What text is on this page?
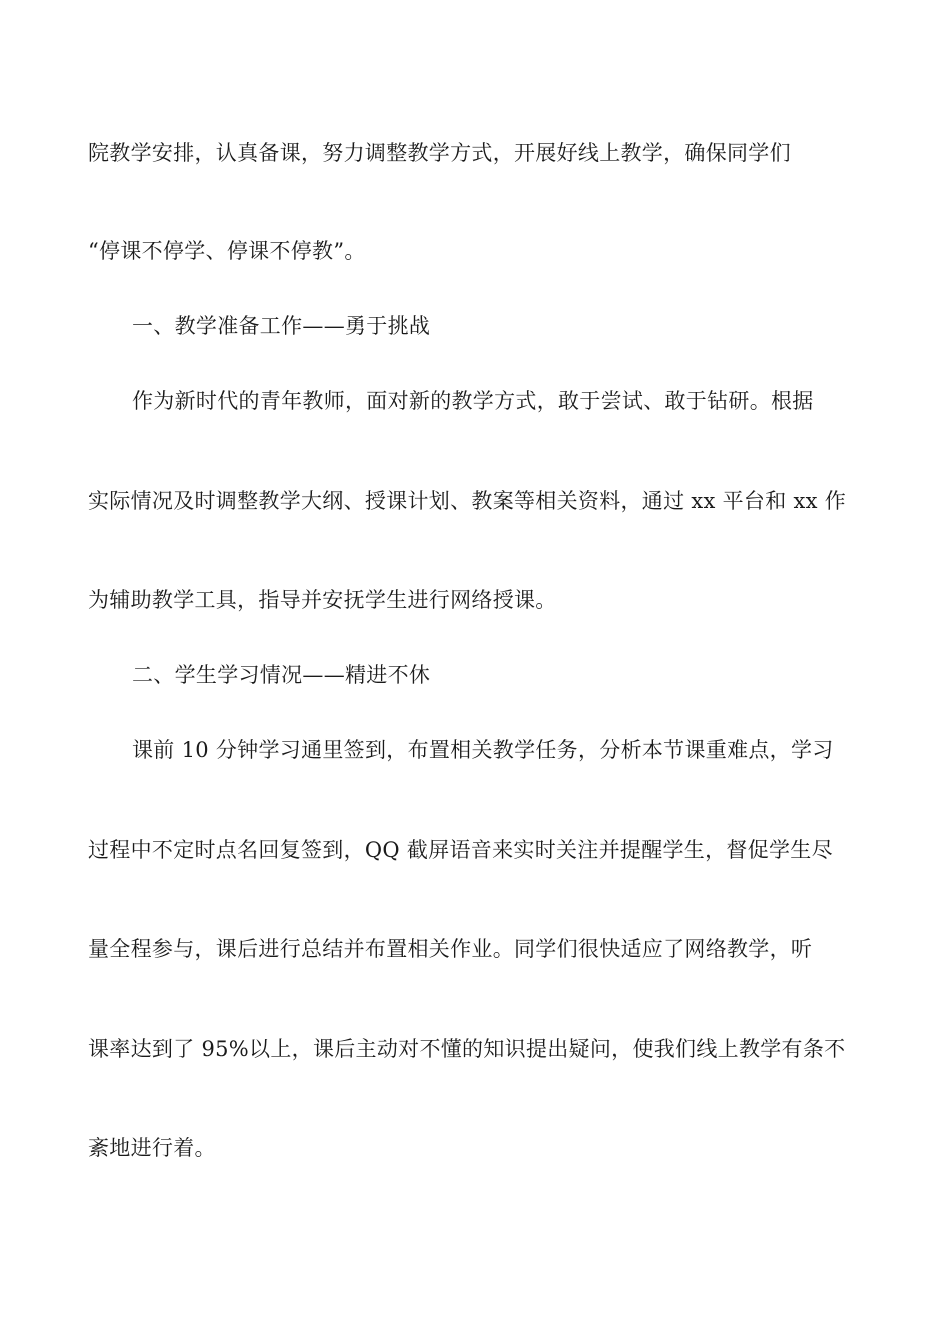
院教学安排，认真备课，努力调整教学方式，开展好线上教学，确保同学们
“停课不停学、停课不停教”。
一、教学准备工作——勇于挑战
作为新时代的青年教师，面对新的教学方式，敢于尝试、敢于钻研。根据
实际情况及时调整教学大纲、授课计划、教案等相关资料，通过 xx 平台和 xx 作
为辅助教学工具，指导并安抚学生进行网络授课。
二、学生学习情况——精进不休
课前 10 分钟学习通里签到，布置相关教学任务，分析本节课重难点，学习
过程中不定时点名回复签到，QQ 截屏语音来实时关注并提醒学生，督促学生尽
量全程参与，课后进行总结并布置相关作业。同学们很快适应了网络教学，听
课率达到了 95%以上，课后主动对不懂的知识提出疑问，使我们线上教学有条不
紊地进行着。
